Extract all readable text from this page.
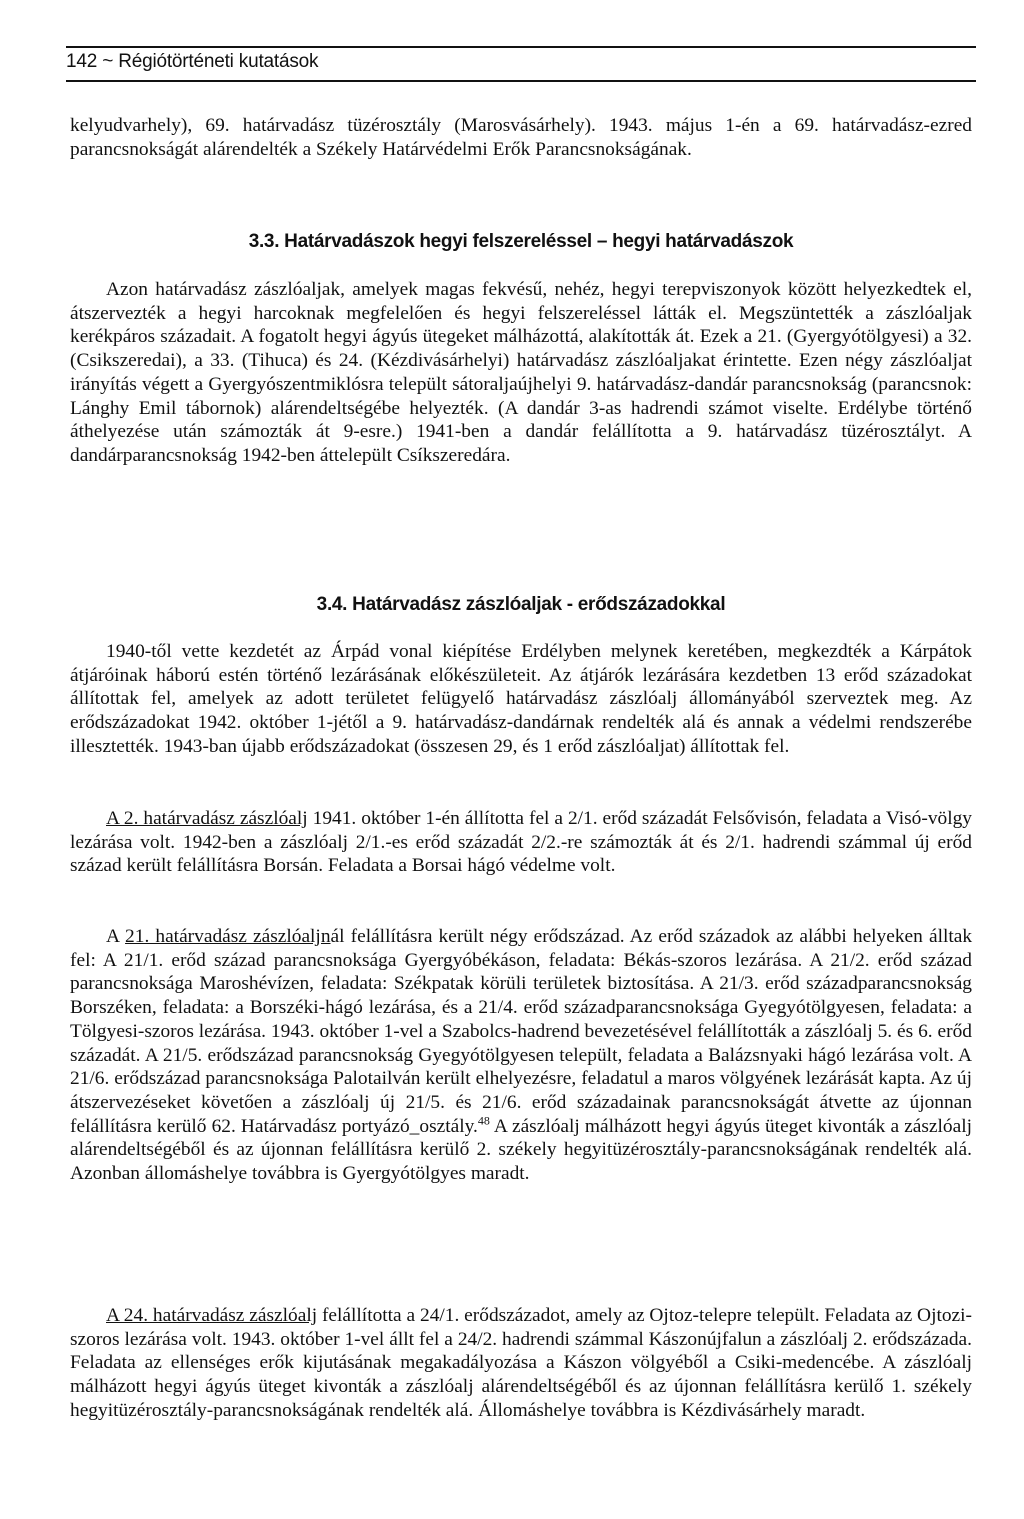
142 ~ Régiótörténeti kutatások

kelyudvarhely), 69. határvadász tüzérosztály (Marosvásárhely). 1943. május 1-én a 69. határvadász-ezred parancsnokságát alárendelték a Székely Határvédelmi Erők Parancsnokságának.

3.3. Határvadászok hegyi felszereléssel – hegyi határvadászok

Azon határvadász zászlóaljak, amelyek magas fekvésű, nehéz, hegyi terepviszonyok között helyezkedtek el, átszervezték a hegyi harcoknak megfelelően és hegyi felszereléssel látták el. Megszüntették a zászlóaljak kerékpáros századait. A fogatolt hegyi ágyús ütegeket málházottá, alakították át. Ezek a 21. (Gyergyótölgyesi) a 32. (Csikszeredai), a 33. (Tihuca) és 24. (Kézdivásárhelyi) határvadász zászlóaljakat érintette. Ezen négy zászlóaljat irányítás végett a Gyergyószentmiklósra települt sátoraljaújhelyi 9. határvadász-dandár parancsnokság (parancsnok: Lánghy Emil tábornok) alárendeltségébe helyezték. (A dandár 3-as hadrendi számot viselte. Erdélybe történő áthelyezése után számozták át 9-esre.) 1941-ben a dandár felállította a 9. határvadász tüzérosztályt. A dandárparancsnokság 1942-ben áttelepült Csíkszeredára.

3.4. Határvadász zászlóaljak - erődszázadokkal

1940-től vette kezdetét az Árpád vonal kiépítése Erdélyben melynek keretében, megkezdték a Kárpátok átjáróinak háború estén történő lezárásának előkészületeit. Az átjárók lezárására kezdetben 13 erőd századokat állítottak fel, amelyek az adott területet felügyelő határvadász zászlóalj állományából szerveztek meg. Az erődszázadokat 1942. október 1-jétől a 9. határvadász-dandárnak rendelték alá és annak a védelmi rendszerébe illesztették. 1943-ban újabb erődszázadokat (összesen 29, és 1 erőd zászlóaljat) állítottak fel.

A 2. határvadász zászlóalj 1941. október 1-én állította fel a 2/1. erőd századát Felsővisón, feladata a Visó-völgy lezárása volt. 1942-ben a zászlóalj 2/1.-es erőd századát 2/2.-re számozták át és 2/1. hadrendi számmal új erőd század került felállításra Borsán. Feladata a Borsai hágó védelme volt.

A 21. határvadász zászlóaljnál felállításra került négy erődszázad. Az erőd századok az alábbi helyeken álltak fel: A 21/1. erőd század parancsnoksága Gyergyóbékáson, feladata: Békás-szoros lezárása. A 21/2. erőd század parancsnoksága Maroshévízen, feladata: Székpatak körüli területek biztosítása. A 21/3. erőd századparancsnokság Borszéken, feladata: a Borszéki-hágó lezárása, és a 21/4. erőd századparancsnoksága Gyegyótölgyesen, feladata: a Tölgyesi-szoros lezárása. 1943. október 1-vel a Szabolcs-hadrend bevezetésével felállították a zászlóalj 5. és 6. erőd századát. A 21/5. erődszázad parancsnokság Gyegyótölgyesen települt, feladata a Balázsnyaki hágó lezárása volt. A 21/6. erődszázad parancsnoksága Palotailván került elhelyezésre, feladatul a maros völgyének lezárását kapta. Az új átszervezéseket követően a zászlóalj új 21/5. és 21/6. erőd századainak parancsnokságát átvette az újonnan felállításra kerülő 62. Határvadász portyázó_osztály.$^{48}$ A zászlóalj málházott hegyi ágyús üteget kivonták a zászlóalj alárendeltségéből és az újonnan felállításra kerülő 2. székely hegyitüzérosztály-parancsnokságának rendelték alá. Azonban állomáshelye továbbra is Gyergyótölgyes maradt.

A 24. határvadász zászlóalj felállította a 24/1. erődszázadot, amely az Ojtoz-telepre települt. Feladata az Ojtozi-szoros lezárása volt. 1943. október 1-vel állt fel a 24/2. hadrendi számmal Kászonújfalun a zászlóalj 2. erődszázada. Feladata az ellenséges erők kijutásának megakadályozása a Kászon völgyéből a Csiki-medencébe. A zászlóalj málházott hegyi ágyús üteget kivonták a zászlóalj alárendeltségéből és az újonnan felállításra kerülő 1. székely hegyitüzérosztály-parancsnokságának rendelték alá. Állomáshelye továbbra is Kézdivásárhely maradt.
